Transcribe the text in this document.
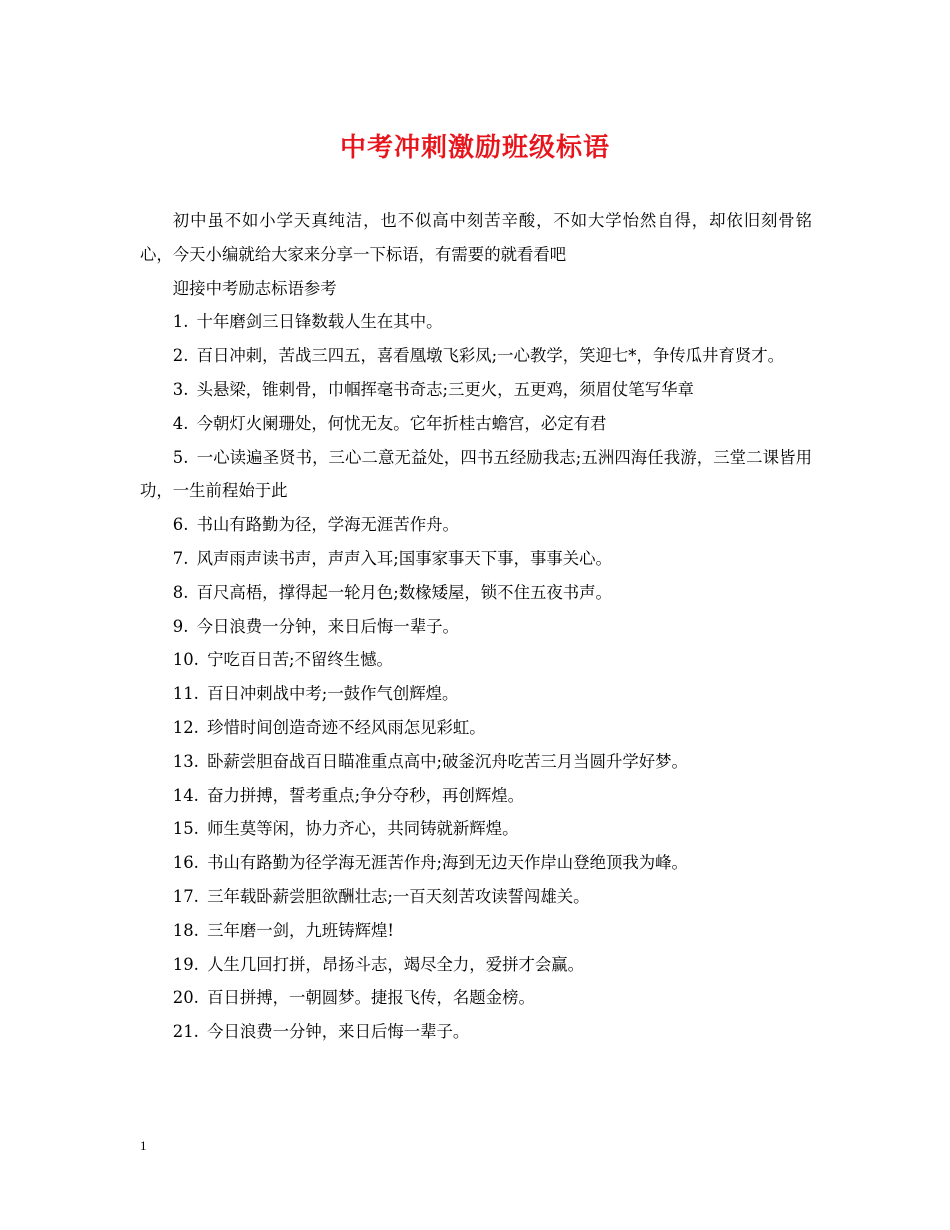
中考冲刺激励班级标语

初中虽不如小学天真纯洁，也不似高中刻苦辛酸，不如大学怡然自得，却依旧刻骨铭心，今天小编就给大家来分享一下标语，有需要的就看看吧

迎接中考励志标语参考

1. 十年磨剑三日锋数载人生在其中。
2. 百日冲刺，苦战三四五，喜看凰墩飞彩凤;一心教学，笑迎七*，争传瓜井育贤才。
3. 头悬梁，锥刺骨，巾帼挥毫书奇志;三更火，五更鸡，须眉仗笔写华章
4. 今朝灯火阑珊处，何忧无友。它年折桂古蟾宫，必定有君
5. 一心读遍圣贤书，三心二意无益处，四书五经励我志;五洲四海任我游，三堂二课皆用功，一生前程始于此
6. 书山有路勤为径，学海无涯苦作舟。
7. 风声雨声读书声，声声入耳;国事家事天下事，事事关心。
8. 百尺高梧，撑得起一轮月色;数椽矮屋，锁不住五夜书声。
9. 今日浪费一分钟，来日后悔一辈子。
10. 宁吃百日苦;不留终生憾。
11. 百日冲刺战中考;一鼓作气创辉煌。
12. 珍惜时间创造奇迹不经风雨怎见彩虹。
13. 卧薪尝胆奋战百日瞄准重点高中;破釜沉舟吃苦三月当圆升学好梦。
14. 奋力拼搏，誓考重点;争分夺秒，再创辉煌。
15. 师生莫等闲，协力齐心，共同铸就新辉煌。
16. 书山有路勤为径学海无涯苦作舟;海到无边天作岸山登绝顶我为峰。
17. 三年载卧薪尝胆欲酬壮志;一百天刻苦攻读誓闯雄关。
18. 三年磨一剑，九班铸辉煌!
19. 人生几回打拼，昂扬斗志，竭尽全力，爱拼才会赢。
20. 百日拼搏，一朝圆梦。捷报飞传，名题金榜。
21. 今日浪费一分钟，来日后悔一辈子。
1
